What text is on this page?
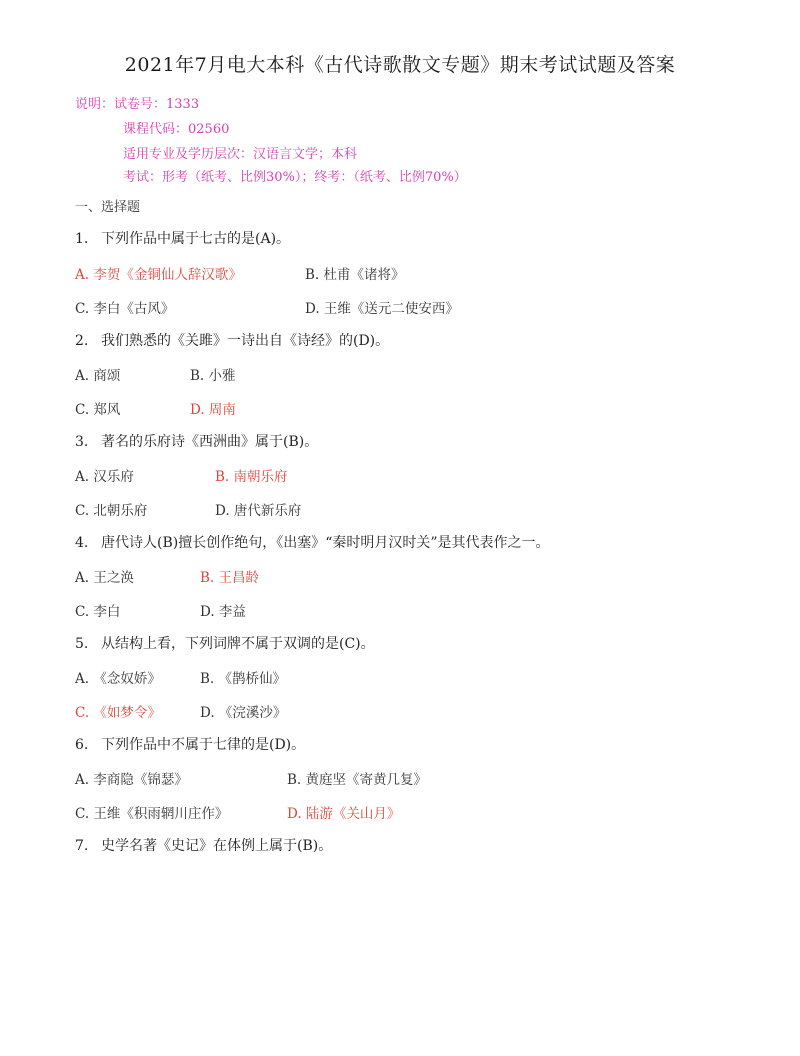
2021年7月电大本科《古代诗歌散文专题》期末考试试题及答案
说明：试卷号：1333
课程代码：02560
适用专业及学历层次：汉语言文学；本科
考试：形考（纸考、比例30%）；终考：（纸考、比例70%）
一、选择题
1. 下列作品中属于七古的是(A)。
A. 李贺《金铜仙人辞汉歌》	B. 杜甫《诸将》
C. 李白《古风》	D. 王维《送元二使安西》
2. 我们熟悉的《关雎》一诗出自《诗经》的(D)。
A. 商颂	B. 小雅
C. 郑风	D. 周南
3. 著名的乐府诗《西洲曲》属于(B)。
A. 汉乐府	B. 南朝乐府
C. 北朝乐府	D. 唐代新乐府
4. 唐代诗人(B)擅长创作绝句，《出塞》“秦时明月汉时关”是其代表作之一。
A. 王之涣	B. 王昌龄
C. 李白	D. 李益
5. 从结构上看，下列词牌不属于双调的是(C)。
A. 《念奴娇》	B. 《鹊桥仙》
C. 《如梦令》	D. 《浣溪沙》
6. 下列作品中不属于七律的是(D)。
A. 李商隐《锦瑟》	B. 黄庭坚《寄黄几复》
C. 王维《积雨辋川庄作》	D. 陆游《关山月》
7. 史学名著《史记》在体例上属于(B)。
